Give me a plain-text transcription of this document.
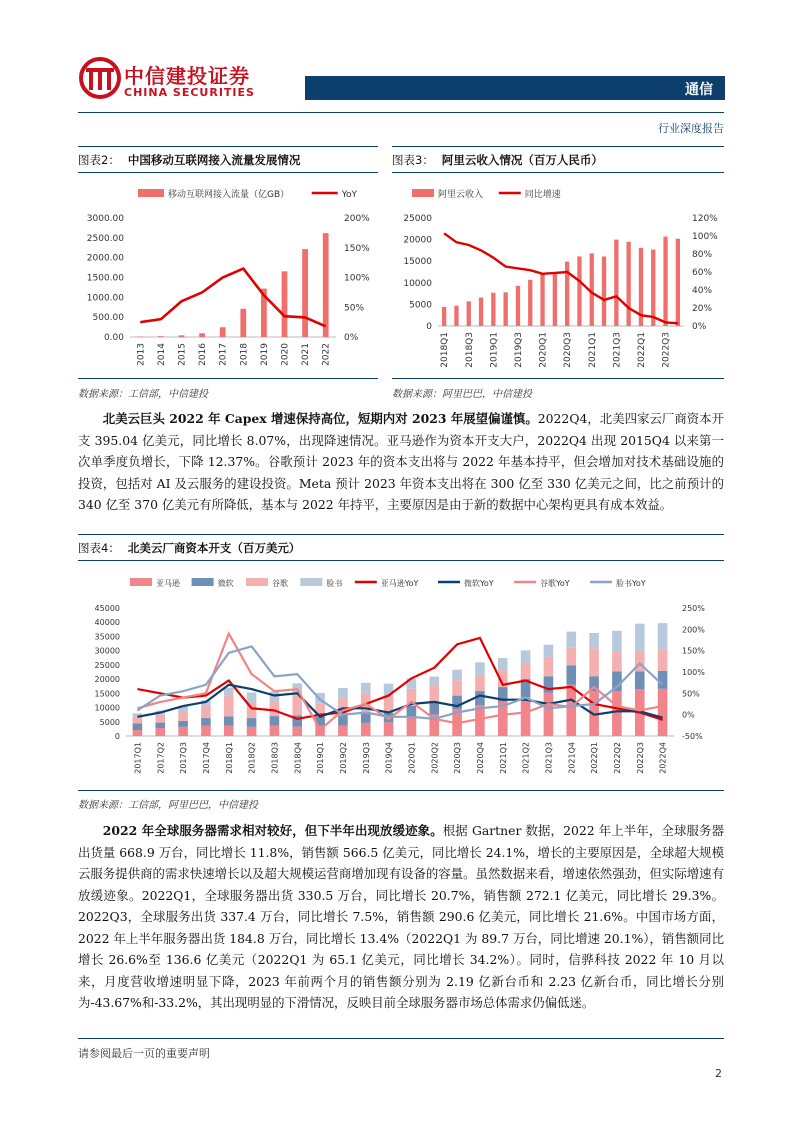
中信建投证券
CHINA SECURITIES	通信
行业深度报告
图表2： 中国移动互联网接入流量发展情况
移动互联网接入流量（亿GB）	YoY
0.00
500.00
1000.00
1500.00
2000.00
2500.00
3000.00
0%
50%
100%
150%
200%
2013 2014 2015 2016 2017 2018 2019 2020 2021 2022
数据来源：工信部，中信建投
图表3： 阿里云收入情况（百万人民币）
阿里云收入	同比增速
0
5000
10000
15000
20000
25000
0%
20%
40%
60%
80%
100%
120%
2018Q1 2018Q3 2019Q1 2019Q3 2020Q1 2020Q3 2021Q1 2021Q3 2022Q1 2022Q3
数据来源：阿里巴巴，中信建投
北美云巨头 2022 年 Capex 增速保持高位，短期内对 2023 年展望偏谨慎。2022Q4，北美四家云厂商资本开支 395.04 亿美元，同比增长 8.07%，出现降速情况。亚马逊作为资本开支大户，2022Q4 出现 2015Q4 以来第一次单季度负增长，下降 12.37%。谷歌预计 2023 年的资本支出将与 2022 年基本持平，但会增加对技术基础设施的投资，包括对 AI 及云服务的建设投资。Meta 预计 2023 年资本支出将在 300 亿至 330 亿美元之间，比之前预计的 340 亿至 370 亿美元有所降低，基本与 2022 年持平，主要原因是由于新的数据中心架构更具有成本效益。
图表4： 北美云厂商资本开支（百万美元）
亚马逊	微软	谷歌	脸书	亚马逊YoY	微软YoY	谷歌YoY	脸书YoY
0
5000
10000
15000
20000
25000
30000
35000
40000
45000
-50%
0%
50%
100%
150%
200%
250%
2017Q1 2017Q2 2017Q3 2017Q4 2018Q1 2018Q2 2018Q3 2018Q4 2019Q1 2019Q2 2019Q3 2019Q4 2020Q1 2020Q2 2020Q3 2020Q4 2021Q1 2021Q2 2021Q3 2021Q4 2022Q1 2022Q2 2022Q3 2022Q4
数据来源：工信部，阿里巴巴，中信建投
2022 年全球服务器需求相对较好，但下半年出现放缓迹象。根据 Gartner 数据，2022 年上半年，全球服务器出货量 668.9 万台，同比增长 11.8%，销售额 566.5 亿美元，同比增长 24.1%，增长的主要原因是，全球超大规模云服务提供商的需求快速增长以及超大规模运营商增加现有设备的容量。虽然数据来看，增速依然强劲，但实际增速有放缓迹象。2022Q1，全球服务器出货 330.5 万台，同比增长 20.7%，销售额 272.1 亿美元，同比增长 29.3%。2022Q3，全球服务出货 337.4 万台，同比增长 7.5%，销售额 290.6 亿美元，同比增长 21.6%。中国市场方面，2022 年上半年服务器出货 184.8 万台，同比增长 13.4%（2022Q1 为 89.7 万台，同比增速 20.1%），销售额同比增长 26.6%至 136.6 亿美元（2022Q1 为 65.1 亿美元，同比增长 34.2%）。同时，信骅科技 2022 年 10 月以来，月度营收增速明显下降，2023 年前两个月的销售额分别为 2.19 亿新台币和 2.23 亿新台币，同比增长分别为-43.67%和-33.2%，其出现明显的下滑情况，反映目前全球服务器市场总体需求仍偏低迷。
请参阅最后一页的重要声明
2
